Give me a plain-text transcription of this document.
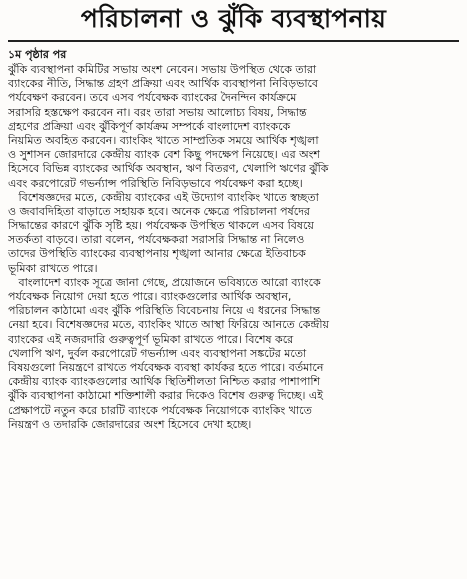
পরিচালনা ও ঝুঁকি ব্যবস্থাপনায়
১ম পৃষ্ঠার পর

ঝুঁকি ব্যবস্থাপনা কমিটির সভায় অংশ নেবেন। সভায় উপস্থিত থেকে তারা
ব্যাংকের নীতি, সিদ্ধান্ত গ্রহণ প্রক্রিয়া এবং আর্থিক ব্যবস্থাপনা নিবিড়ভাবে
পর্যবেক্ষণ করবেন। তবে এসব পর্যবেক্ষক ব্যাংকের দৈনন্দিন কার্যক্রমে
সরাসরি হস্তক্ষেপ করবেন না। বরং তারা সভায় আলোচ্য বিষয়, সিদ্ধান্ত
গ্রহণের প্রক্রিয়া এবং ঝুঁকিপূর্ণ কার্যক্রম সম্পর্কে বাংলাদেশ ব্যাংককে
নিয়মিত অবহিত করবেন। ব্যাংকিং খাতে সাম্প্রতিক সময়ে আর্থিক শৃঙ্খলা
ও সুশাসন জোরদারে কেন্দ্রীয় ব্যাংক বেশ কিছু পদক্ষেপ নিয়েছে। এর অংশ
হিসেবে বিভিন্ন ব্যাংকের আর্থিক অবস্থান, ঋণ বিতরণ, খেলাপি ঋণের ঝুঁকি
এবং করপোরেট গভর্ন্যান্স পরিস্থিতি নিবিড়ভাবে পর্যবেক্ষণ করা হচ্ছে।

বিশেষজ্ঞদের মতে, কেন্দ্রীয় ব্যাংকের এই উদ্যোগ ব্যাংকিং খাতে স্বচ্ছতা
ও জবাবদিহিতা বাড়াতে সহায়ক হবে। অনেক ক্ষেত্রে পরিচালনা পর্ষদের
সিদ্ধান্তের কারণে ঝুঁকি সৃষ্টি হয়। পর্যবেক্ষক উপস্থিত থাকলে এসব বিষয়ে
সতর্কতা বাড়বে। তারা বলেন, পর্যবেক্ষকরা সরাসরি সিদ্ধান্ত না নিলেও
তাদের উপস্থিতি ব্যাংকের ব্যবস্থাপনায় শৃঙ্খলা আনার ক্ষেত্রে ইতিবাচক
ভূমিকা রাখতে পারে।

বাংলাদেশ ব্যাংক সূত্রে জানা গেছে, প্রয়োজনে ভবিষ্যতে আরো ব্যাংকে
পর্যবেক্ষক নিয়োগ দেয়া হতে পারে। ব্যাংকগুলোর আর্থিক অবস্থান,
পরিচালন কাঠামো এবং ঝুঁকি পরিস্থিতি বিবেচনায় নিয়ে এ ধরনের সিদ্ধান্ত
নেয়া হবে। বিশেষজ্ঞদের মতে, ব্যাংকিং খাতে আস্থা ফিরিয়ে আনতে কেন্দ্রীয়
ব্যাংকের এই নজরদারি গুরুত্বপূর্ণ ভূমিকা রাখতে পারে। বিশেষ করে
খেলাপি ঋণ, দুর্বল করপোরেট গভর্ন্যান্স এবং ব্যবস্থাপনা সঙ্কটের মতো
বিষয়গুলো নিয়ন্ত্রণে রাখতে পর্যবেক্ষক ব্যবস্থা কার্যকর হতে পারে। বর্তমানে
কেন্দ্রীয় ব্যাংক ব্যাংকগুলোর আর্থিক স্থিতিশীলতা নিশ্চিত করার পাশাপাশি
ঝুঁকি ব্যবস্থাপনা কাঠামো শক্তিশালী করার দিকেও বিশেষ গুরুত্ব দিচ্ছে। এই
প্রেক্ষাপটে নতুন করে চারটি ব্যাংকে পর্যবেক্ষক নিয়োগকে ব্যাংকিং খাতে
নিয়ন্ত্রণ ও তদারকি জোরদারের অংশ হিসেবে দেখা হচ্ছে।
